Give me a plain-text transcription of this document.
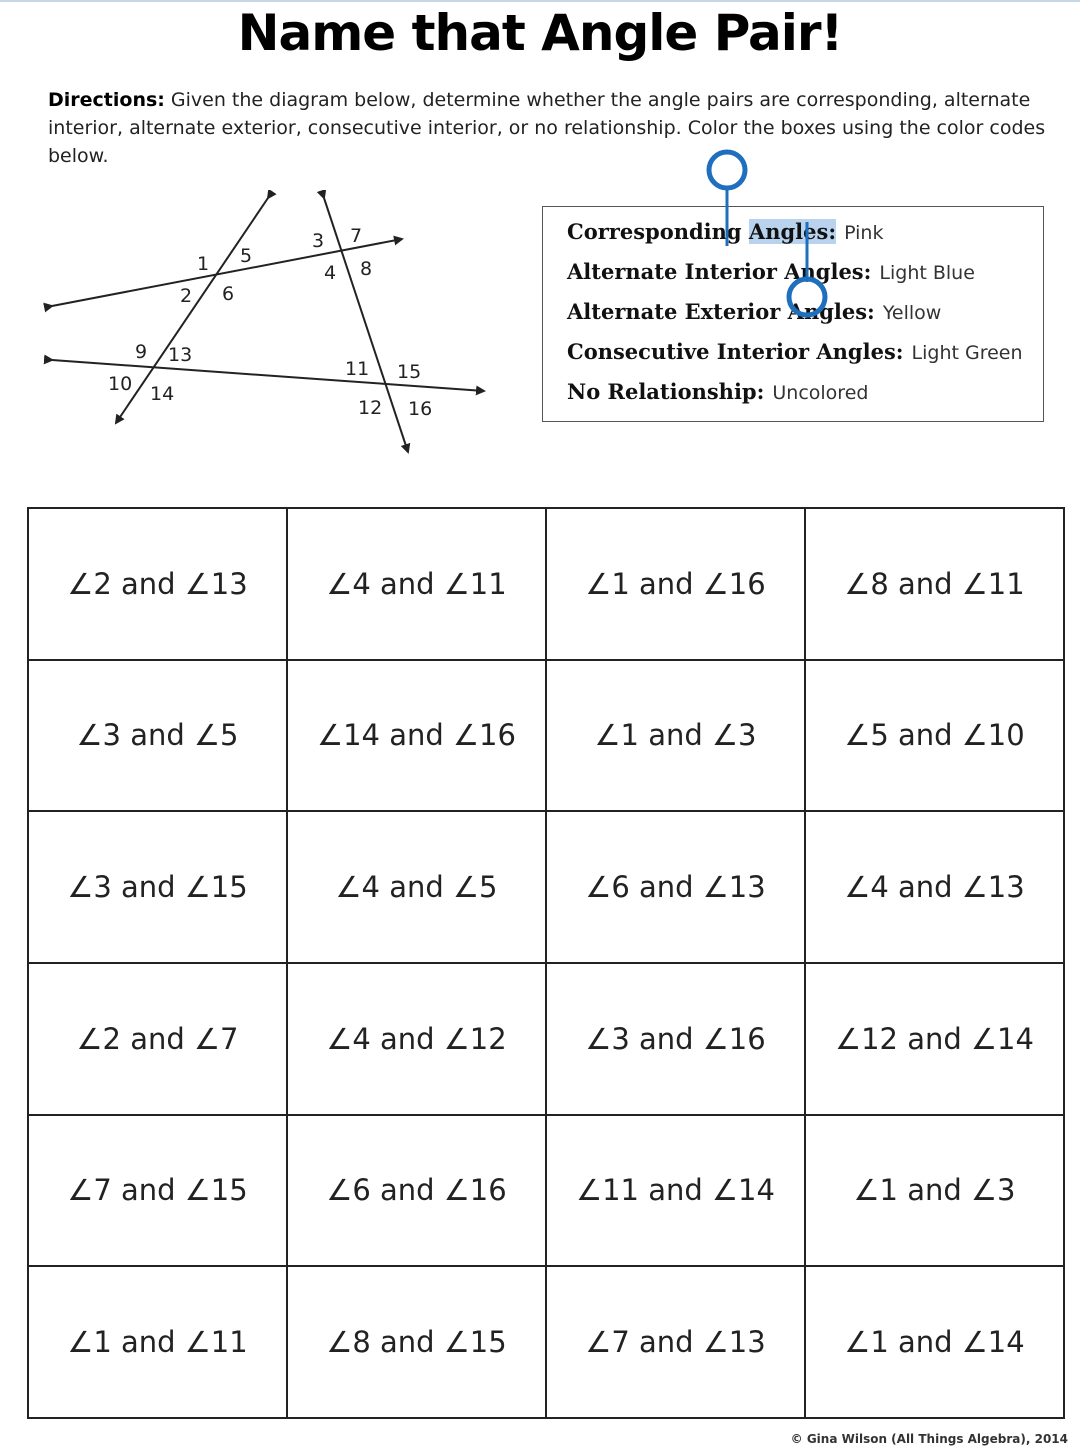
Name that Angle Pair!
Directions: Given the diagram below, determine whether the angle pairs are corresponding, alternate interior, alternate exterior, consecutive interior, or no relationship. Color the boxes using the color codes below.
1 5
2 6
3 7
4 8
9 13
10 14
11 15
12 16
Corresponding Angles: Pink
Alternate Interior Angles: Light Blue
Alternate Exterior Angles: Yellow
Consecutive Interior Angles: Light Green
No Relationship: Uncolored
∠2 and ∠13	∠4 and ∠11	∠1 and ∠16	∠8 and ∠11
∠3 and ∠5	∠14 and ∠16	∠1 and ∠3	∠5 and ∠10
∠3 and ∠15	∠4 and ∠5	∠6 and ∠13	∠4 and ∠13
∠2 and ∠7	∠4 and ∠12	∠3 and ∠16	∠12 and ∠14
∠7 and ∠15	∠6 and ∠16	∠11 and ∠14	∠1 and ∠3
∠1 and ∠11	∠8 and ∠15	∠7 and ∠13	∠1 and ∠14
© Gina Wilson (All Things Algebra), 2014
